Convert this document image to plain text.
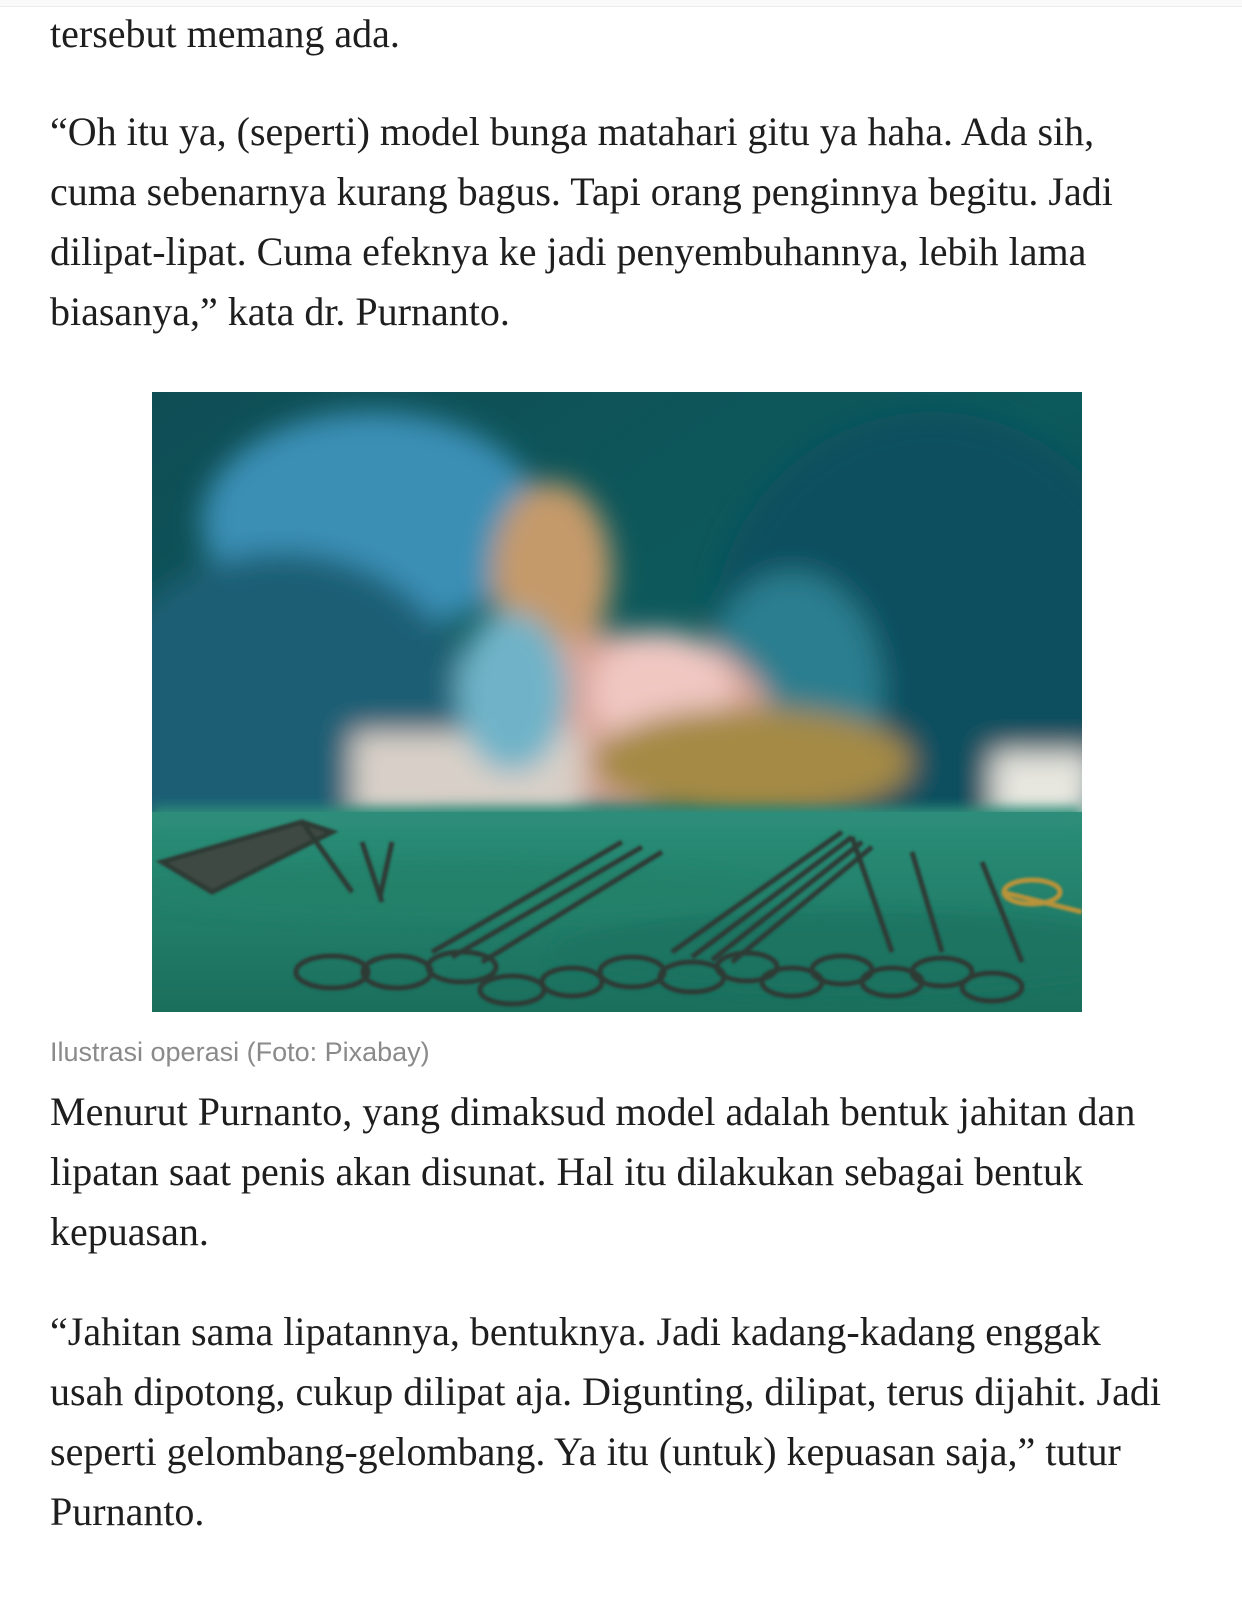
tersebut memang ada.

“Oh itu ya, (seperti) model bunga matahari gitu ya haha. Ada sih, cuma sebenarnya kurang bagus. Tapi orang penginnya begitu. Jadi dilipat-lipat. Cuma efeknya ke jadi penyembuhannya, lebih lama biasanya,” kata dr. Purnanto.

Menurut Purnanto, yang dimaksud model adalah bentuk jahitan dan lipatan saat penis akan disunat. Hal itu dilakukan sebagai bentuk kepuasan.

“Jahitan sama lipatannya, bentuknya. Jadi kadang-kadang enggak usah dipotong, cukup dilipat aja. Digunting, dilipat, terus dijahit. Jadi seperti gelombang-gelombang. Ya itu (untuk) kepuasan saja,” tutur Purnanto.

Ilustrasi operasi (Foto: Pixabay)
